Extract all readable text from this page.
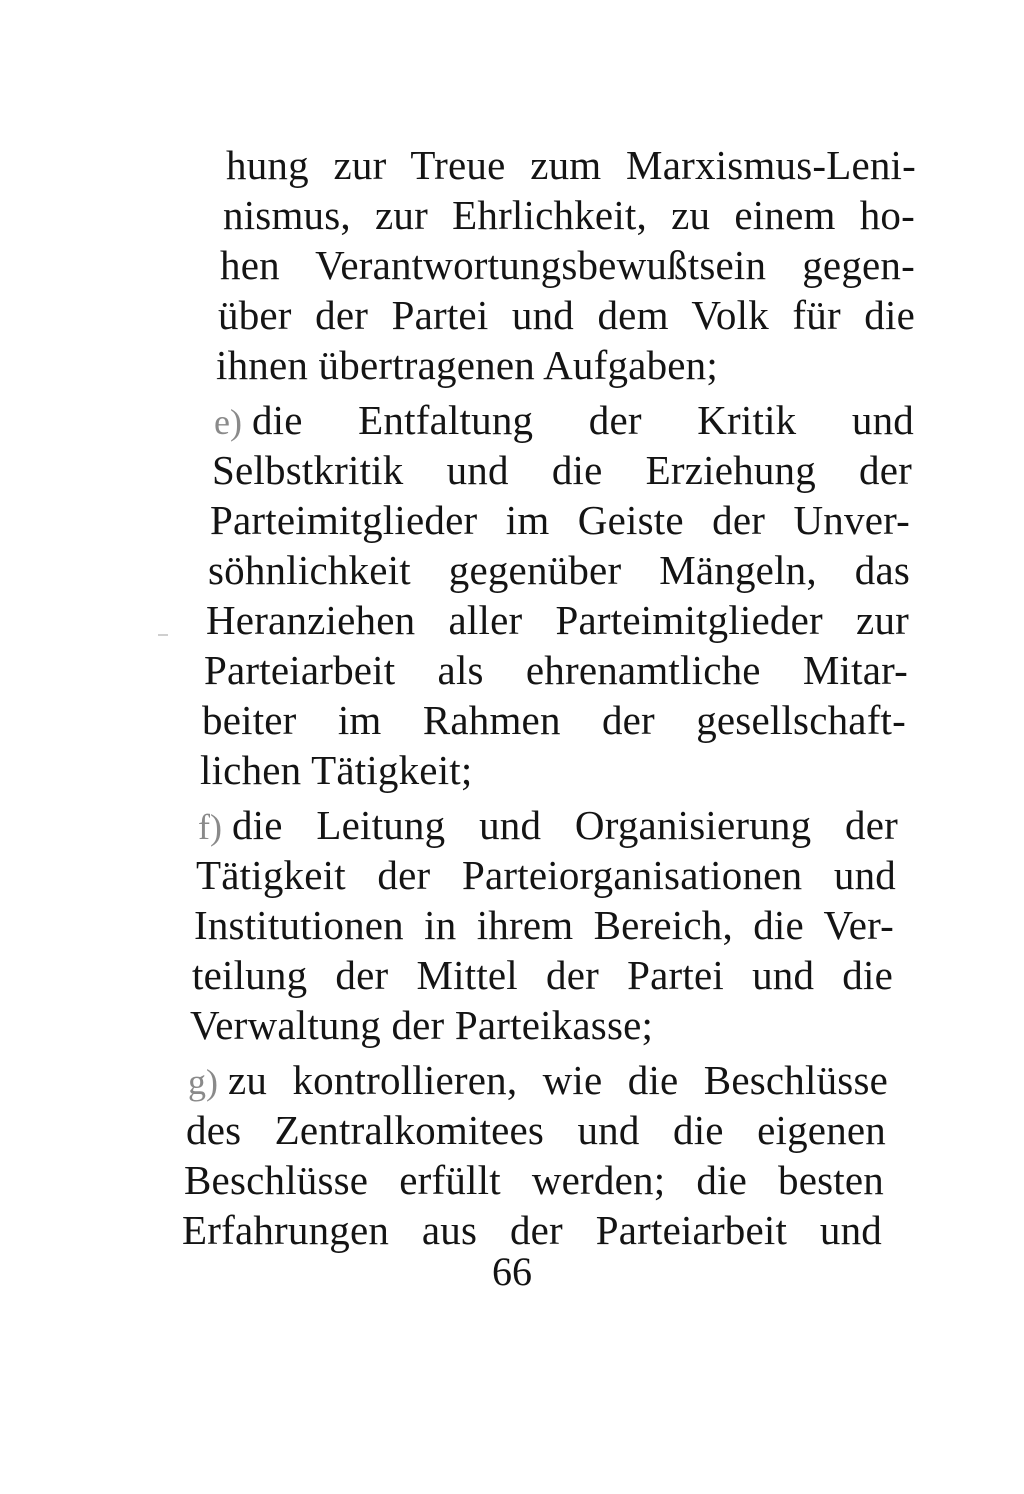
hung zur Treue zum Marxismus-Leni-
nismus, zur Ehrlichkeit, zu einem ho-
hen Verantwortungsbewußtsein gegen-
über der Partei und dem Volk für die
ihnen übertragenen Aufgaben;
e) die Entfaltung der Kritik und
Selbstkritik und die Erziehung der
Parteimitglieder im Geiste der Unver-
söhnlichkeit gegenüber Mängeln, das
Heranziehen aller Parteimitglieder zur
Parteiarbeit als ehrenamtliche Mitar-
beiter im Rahmen der gesellschaft-
lichen Tätigkeit;
f) die Leitung und Organisierung der
Tätigkeit der Parteiorganisationen und
Institutionen in ihrem Bereich, die Ver-
teilung der Mittel der Partei und die
Verwaltung der Parteikasse;
g) zu kontrollieren, wie die Beschlüsse
des Zentralkomitees und die eigenen
Beschlüsse erfüllt werden; die besten
Erfahrungen aus der Parteiarbeit und
66
